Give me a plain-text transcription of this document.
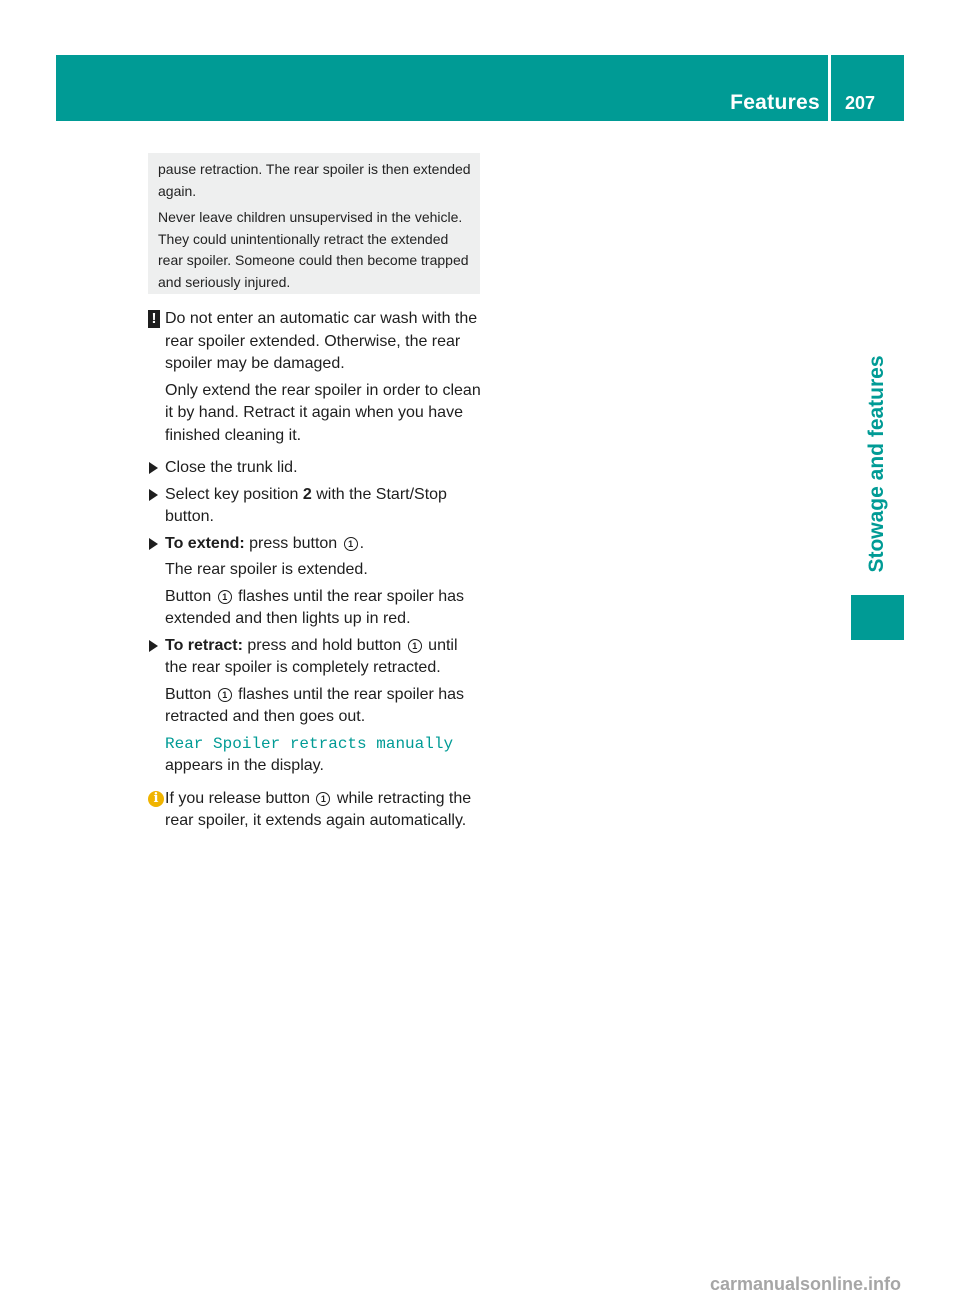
Features 207
Stowage and features

pause retraction. The rear spoiler is then extended again.

Never leave children unsupervised in the vehicle. They could unintentionally retract the extended rear spoiler. Someone could then become trapped and seriously injured.

! Do not enter an automatic car wash with the rear spoiler extended. Otherwise, the rear spoiler may be damaged.

Only extend the rear spoiler in order to clean it by hand. Retract it again when you have finished cleaning it.

Close the trunk lid.

Select key position 2 with the Start/Stop button.

To extend: press button 1 .

The rear spoiler is extended.

Button 1 flashes until the rear spoiler has extended and then lights up in red.

To retract: press and hold button 1 until the rear spoiler is completely retracted.

Button 1 flashes until the rear spoiler has retracted and then goes out.

Rear Spoiler retracts manually

appears in the display.

i If you release button 1 while retracting the rear spoiler, it extends again automatically.

carmanualsonline.info
